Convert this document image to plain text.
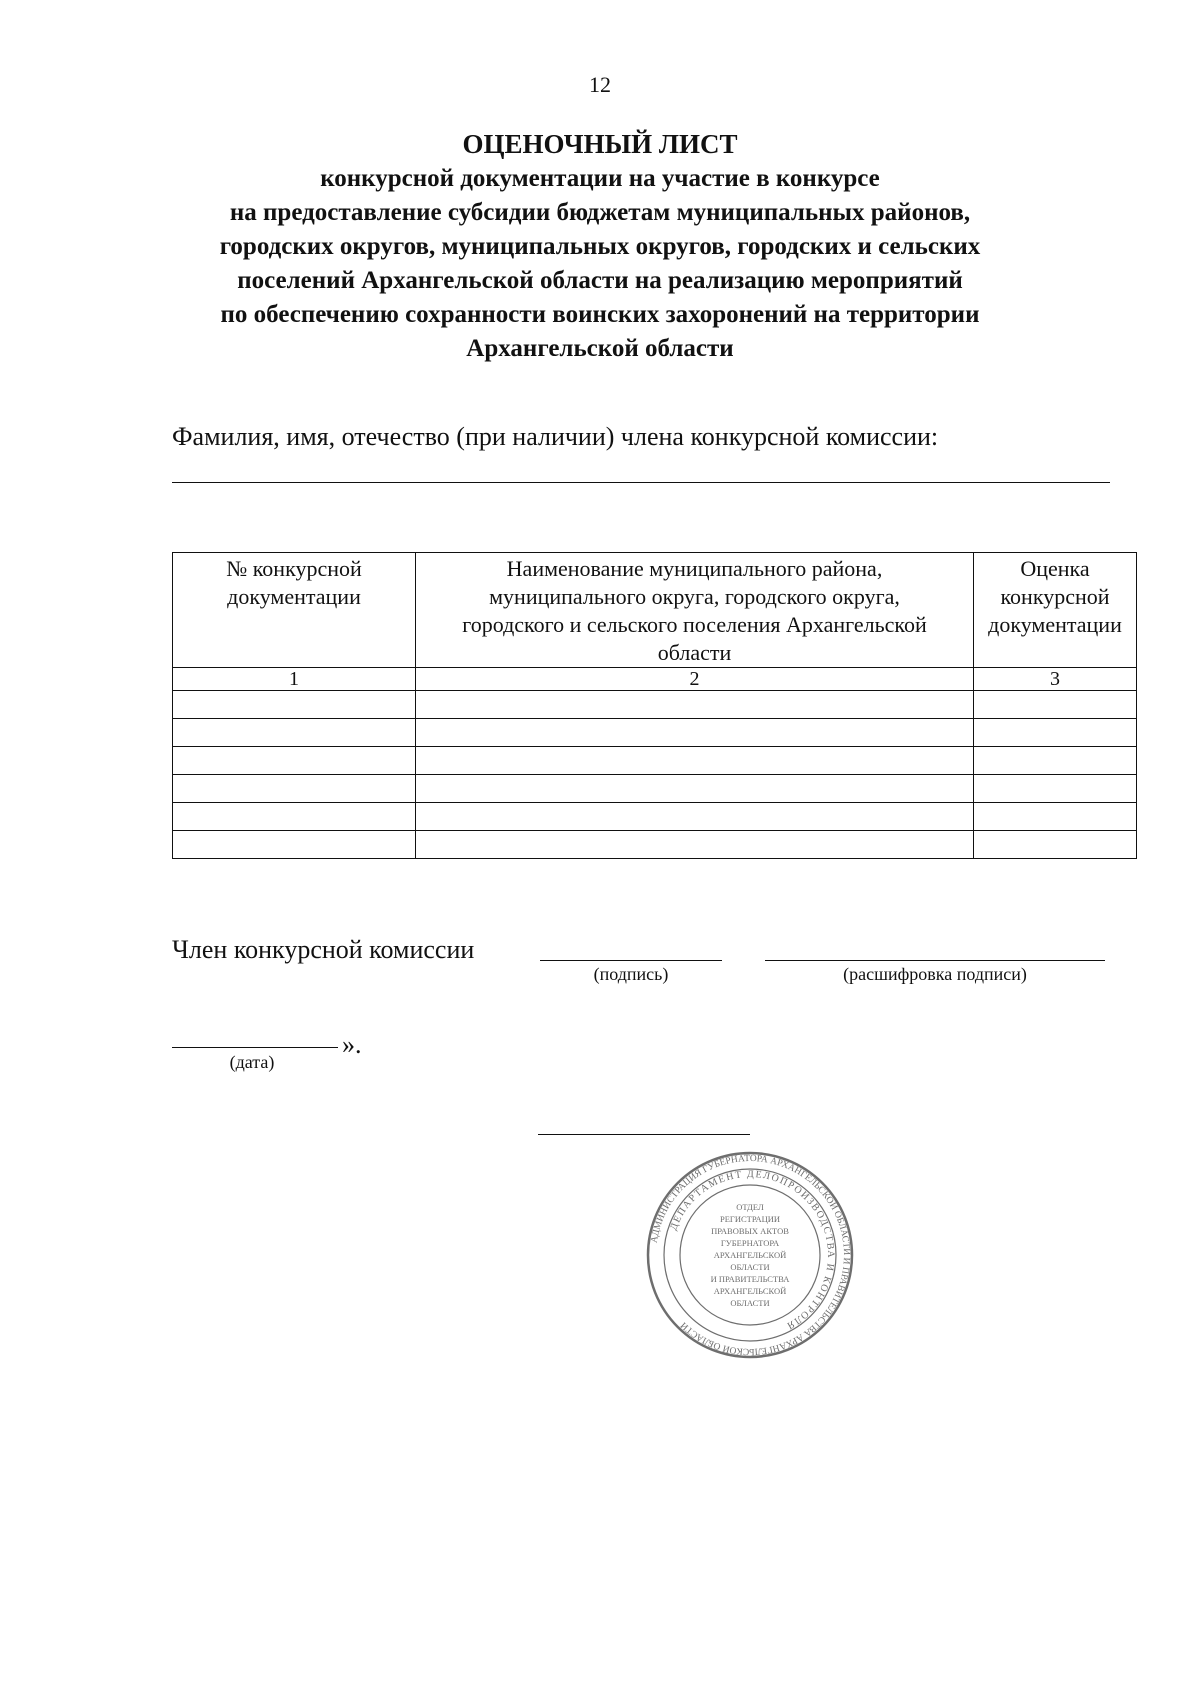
12
ОЦЕНОЧНЫЙ ЛИСТ
конкурсной документации на участие в конкурсе
на предоставление субсидии бюджетам муниципальных районов,
городских округов, муниципальных округов, городских и сельских
поселений Архангельской области на реализацию мероприятий
по обеспечению сохранности воинских захоронений на территории
Архангельской области
Фамилия, имя, отечество (при наличии) члена конкурсной комиссии:
№ конкурсной документации	Наименование муниципального района, муниципального округа, городского округа, городского и сельского поселения Архангельской области	Оценка конкурсной документации
1	2	3

Член конкурсной комиссии
(подпись)	(расшифровка подписи)
».
(дата)
АДМИНИСТРАЦИЯ ГУБЕРНАТОРА АРХАНГЕЛЬСКОЙ ОБЛАСТИ И ПРАВИТЕЛЬСТВА АРХАНГЕЛЬСКОЙ ОБЛАСТИ
ДЕПАРТАМЕНТ ДЕЛОПРОИЗВОДСТВА И КОНТРОЛЯ
ОТДЕЛ
РЕГИСТРАЦИИ
ПРАВОВЫХ АКТОВ
ГУБЕРНАТОРА
АРХАНГЕЛЬСКОЙ
ОБЛАСТИ
И ПРАВИТЕЛЬСТВА
АРХАНГЕЛЬСКОЙ
ОБЛАСТИ
